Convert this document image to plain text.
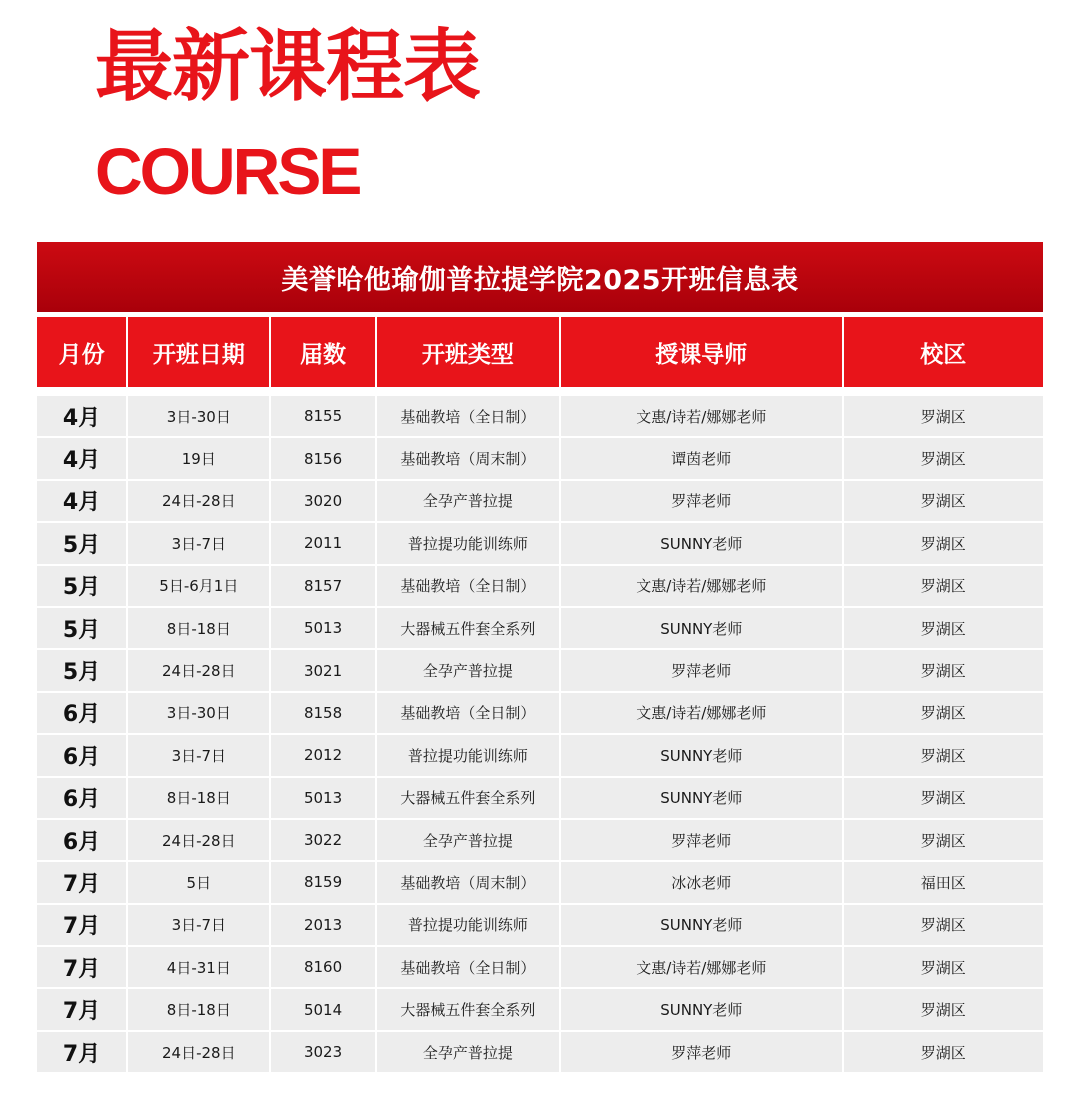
最新课程表
COURSE
美誉哈他瑜伽普拉提学院2025开班信息表
月份	开班日期	届数	开班类型	授课导师	校区

4月	3日-30日	8155	基础教培（全日制）	文惠/诗若/娜娜老师	罗湖区
4月	19日	8156	基础教培（周末制）	谭茵老师	罗湖区
4月	24日-28日	3020	全孕产普拉提	罗萍老师	罗湖区
5月	3日-7日	2011	普拉提功能训练师	SUNNY老师	罗湖区
5月	5日-6月1日	8157	基础教培（全日制）	文惠/诗若/娜娜老师	罗湖区
5月	8日-18日	5013	大器械五件套全系列	SUNNY老师	罗湖区
5月	24日-28日	3021	全孕产普拉提	罗萍老师	罗湖区
6月	3日-30日	8158	基础教培（全日制）	文惠/诗若/娜娜老师	罗湖区
6月	3日-7日	2012	普拉提功能训练师	SUNNY老师	罗湖区
6月	8日-18日	5013	大器械五件套全系列	SUNNY老师	罗湖区
6月	24日-28日	3022	全孕产普拉提	罗萍老师	罗湖区
7月	5日	8159	基础教培（周末制）	冰冰老师	福田区
7月	3日-7日	2013	普拉提功能训练师	SUNNY老师	罗湖区
7月	4日-31日	8160	基础教培（全日制）	文惠/诗若/娜娜老师	罗湖区
7月	8日-18日	5014	大器械五件套全系列	SUNNY老师	罗湖区
7月	24日-28日	3023	全孕产普拉提	罗萍老师	罗湖区
